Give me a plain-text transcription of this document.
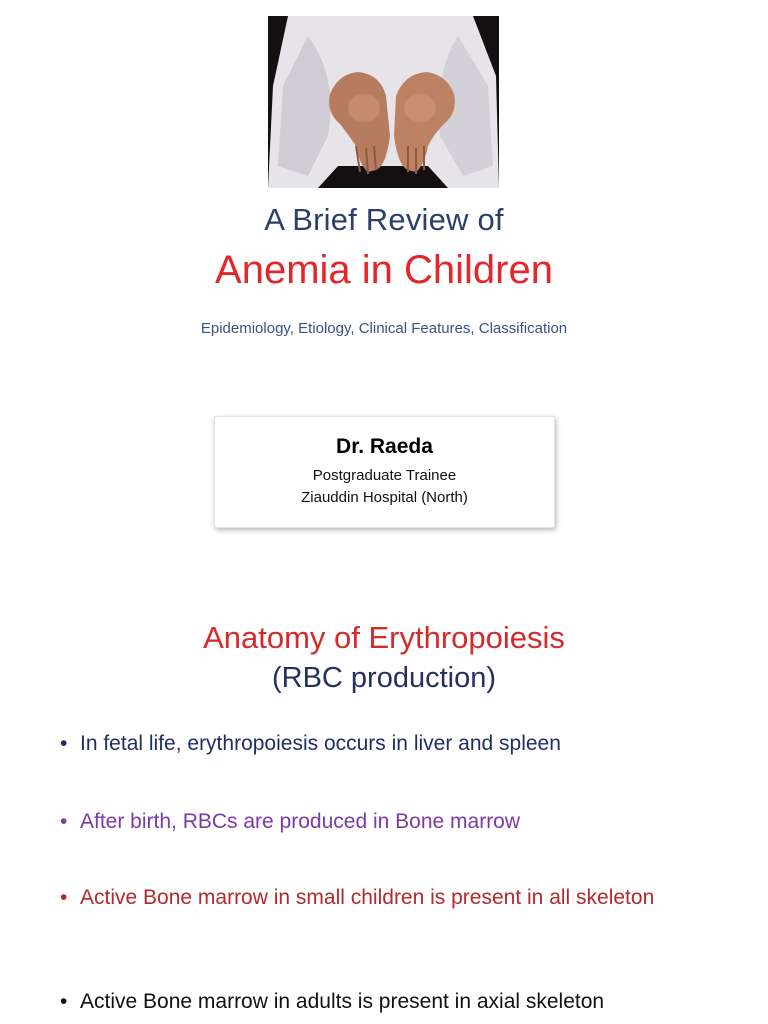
A Brief Review of
Anemia in Children
Epidemiology, Etiology, Clinical Features, Classification
Dr. Raeda
Postgraduate Trainee
Ziauddin Hospital (North)
Anatomy of Erythropoiesis
(RBC production)
• In fetal life, erythropoiesis occurs in liver and spleen
• After birth, RBCs are produced in Bone marrow
• Active Bone marrow in small children is present in all skeleton
• Active Bone marrow in adults is present in axial skeleton
